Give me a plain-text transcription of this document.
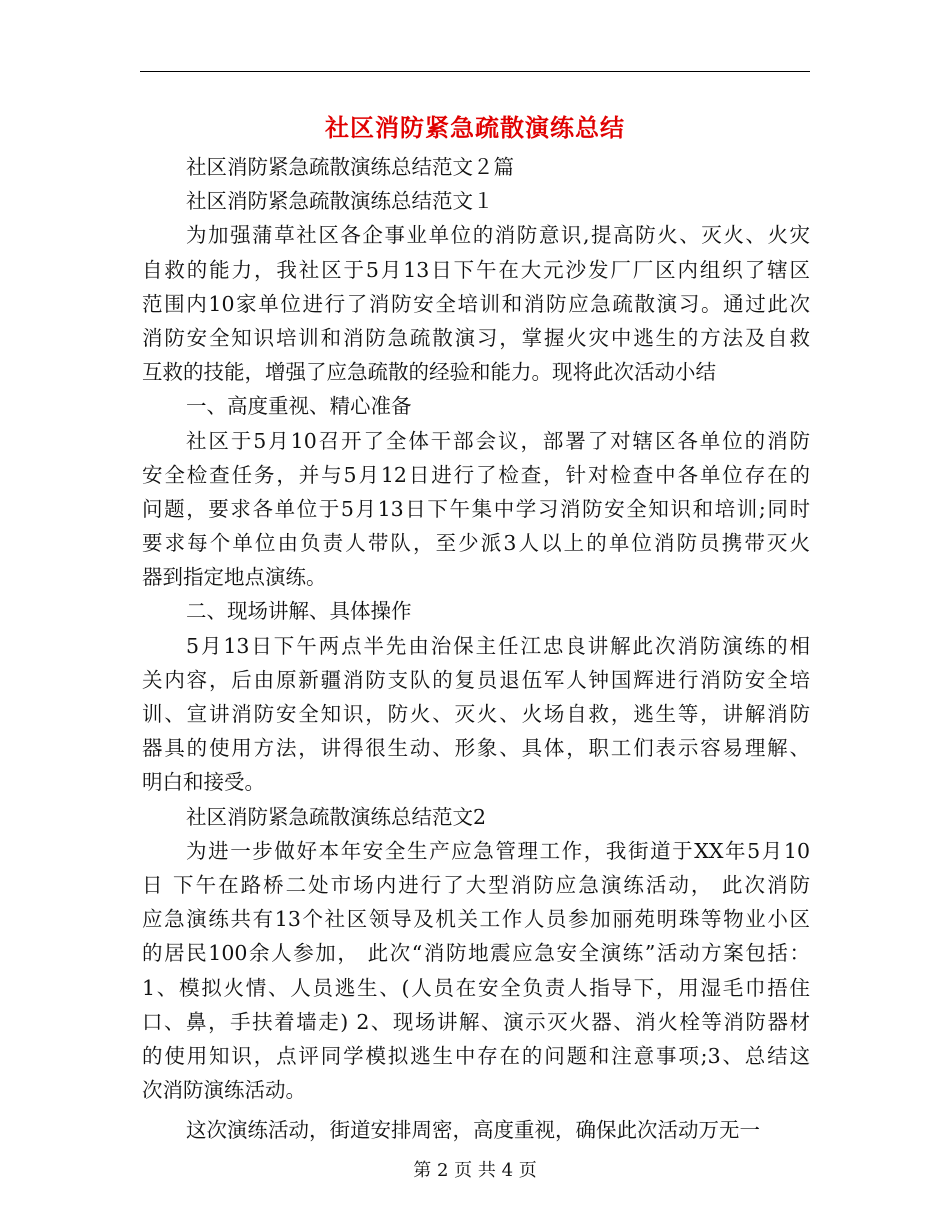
社区消防紧急疏散演练总结
社区消防紧急疏散演练总结范文２篇
社区消防紧急疏散演练总结范文１
为加强蒲草社区各企事业单位的消防意识,提高防火、灭火、火灾
自救的能力，我社区于5月13日下午在大元沙发厂厂区内组织了辖区
范围内10家单位进行了消防安全培训和消防应急疏散演习。通过此次
消防安全知识培训和消防急疏散演习，掌握火灾中逃生的方法及自救
互救的技能，增强了应急疏散的经验和能力。现将此次活动小结
一、高度重视、精心准备
社区于5月10召开了全体干部会议，部署了对辖区各单位的消防
安全检查任务，并与5月12日进行了检查，针对检查中各单位存在的
问题，要求各单位于5月13日下午集中学习消防安全知识和培训;同时
要求每个单位由负责人带队，至少派3人以上的单位消防员携带灭火
器到指定地点演练。
二、现场讲解、具体操作
5月13日下午两点半先由治保主任江忠良讲解此次消防演练的相
关内容，后由原新疆消防支队的复员退伍军人钟国辉进行消防安全培
训、宣讲消防安全知识，防火、灭火、火场自救，逃生等，讲解消防
器具的使用方法，讲得很生动、形象、具体，职工们表示容易理解、
明白和接受。
社区消防紧急疏散演练总结范文2
为进一步做好本年安全生产应急管理工作，我街道于XX年5月10
日 下午在路桥二处市场内进行了大型消防应急演练活动， 此次消防
应急演练共有13个社区领导及机关工作人员参加丽苑明珠等物业小区
的居民100余人参加， 此次“消防地震应急安全演练”活动方案包括：
1、模拟火情、人员逃生、(人员在安全负责人指导下，用湿毛巾捂住
口、鼻，手扶着墙走) 2、现场讲解、演示灭火器、消火栓等消防器材
的使用知识，点评同学模拟逃生中存在的问题和注意事项;3、总结这
次消防演练活动。
这次演练活动，街道安排周密，高度重视，确保此次活动万无一
第 2 页 共 4 页
